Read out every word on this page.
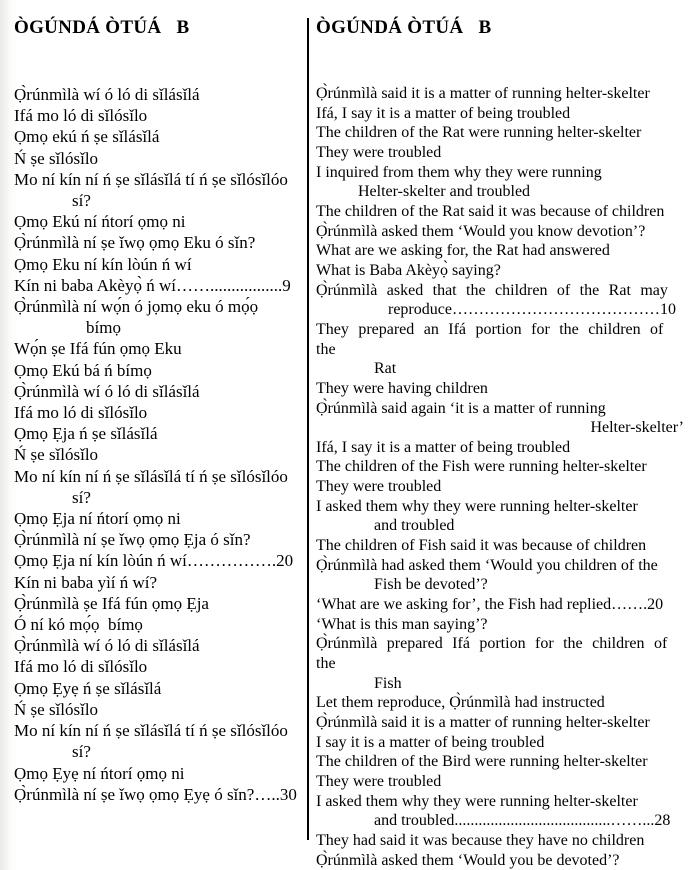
ÒGÚNDÁ ÒTÚÁ   B	ÒGÚNDÁ ÒTÚÁ   B
Ọ̀rúnmìlà wí ó ló di sǐlásǐlá
Ifá mo ló di sǐlósǐlo
Ọmọ ekú ń ṣe sǐlásǐlá
Ń ṣe sǐlósǐlo
Mo ní kín ní ń ṣe sǐlásǐlá tí ń ṣe sǐlósǐlóo
sí?
Ọmọ Ekú ní ńtorí ọmọ ni
Ọ̀rúnmìlà ní ṣe ǐwọ ọmọ Eku ó sǐn?
Ọmọ Eku ní kín lòún ń wí
Kín ni baba Akèyọ̀ ń wí…….................9
Ọ̀rúnmìlà ní wọ́n ó jọmọ eku ó mọ́ọ
bímọ
Wọ́n ṣe Ifá fún ọmọ Eku
Ọmọ Ekú bá ń bímọ
Ọ̀rúnmìlà wí ó ló di sǐlásǐlá
Ifá mo ló di sǐlósǐlo
Ọmọ Ẹja ń ṣe sǐlásǐlá
Ń ṣe sǐlósǐlo
Mo ní kín ní ń ṣe sǐlásǐlá tí ń ṣe sǐlósǐlóo
sí?
Ọmọ Ẹja ní ńtorí ọmọ ni
Ọ̀rúnmìlà ní ṣe ǐwọ ọmọ Ẹja ó sǐn?
Ọmọ Ẹja ní kín lòún ń wí…………….20
Kín ni baba yìí ń wí?
Ọ̀rúnmìlà ṣe Ifá fún ọmọ Ẹja
Ó ní kó mọ́ọ  bímọ
Ọ̀rúnmìlà wí ó ló di sǐlásǐlá
Ifá mo ló di sǐlósǐlo
Ọmọ Ẹyẹ ń ṣe sǐlásǐlá
Ń ṣe sǐlósǐlo
Mo ní kín ní ń ṣe sǐlásǐlá tí ń ṣe sǐlósǐlóo
sí?
Ọmọ Ẹyẹ ní ńtorí ọmọ ni
Ọ̀rúnmìlà ní ṣe ǐwọ ọmọ Ẹyẹ ó sǐn?…..30
Ọ̀rúnmìlà said it is a matter of running helter-skelter
Ifá, I say it is a matter of being troubled
The children of the Rat were running helter-skelter
They were troubled
I inquired from them why they were running
Helter-skelter and troubled
The children of the Rat said it was because of children
Ọ̀rúnmìlà asked them ‘Would you know devotion’?
What are we asking for, the Rat had answered
What is Baba Akèyọ̀ saying?
Ọ̀rúnmìlà asked that the children of the Rat may
reproduce…………………………………10
They prepared an Ifá portion for the children of the
Rat
They were having children
Ọ̀rúnmìlà said again ‘it is a matter of running
Helter-skelter’
Ifá, I say it is a matter of being troubled
The children of the Fish were running helter-skelter
They were troubled
I asked them why they were running helter-skelter
and troubled
The children of Fish said it was because of children
Ọ̀rúnmìlà had asked them ‘Would you children of the
Fish be devoted’?
‘What are we asking for’, the Fish had replied…….20
‘What is this man saying’?
Ọ̀rúnmìlà prepared Ifá portion for the children of the
Fish
Let them reproduce, Ọ̀rúnmìlà had instructed
Ọ̀rúnmìlà said it is a matter of running helter-skelter
I say it is a matter of being troubled
The children of the Bird were running helter-skelter
They were troubled
I asked them why they were running helter-skelter
and troubled.......................................……...28
They had said it was because they have no children
Ọ̀rúnmìlà asked them ‘Would you be devoted’?
